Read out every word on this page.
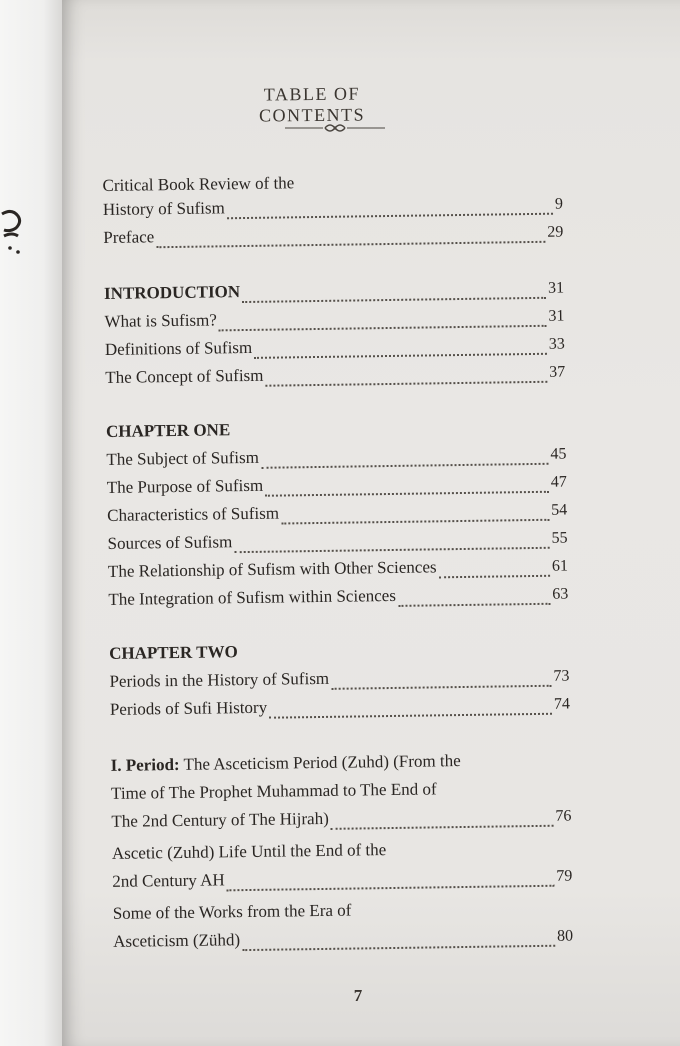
TABLE OF CONTENTS
Critical Book Review of the
History of Sufism	9
Preface	29
INTRODUCTION	31
What is Sufism?	31
Definitions of Sufism	33
The Concept of Sufism	37
CHAPTER ONE
The Subject of Sufism	45
The Purpose of Sufism	47
Characteristics of Sufism	54
Sources of Sufism	55
The Relationship of Sufism with Other Sciences	61
The Integration of Sufism within Sciences	63
CHAPTER TWO
Periods in the History of Sufism	73
Periods of Sufi History	74
I. Period: The Asceticism Period (Zuhd) (From the
Time of The Prophet Muhammad to The End of
The 2nd Century of The Hijrah)	76
Ascetic (Zuhd) Life Until the End of the
2nd Century AH	79
Some of the Works from the Era of
Asceticism (Zühd)	80
7
